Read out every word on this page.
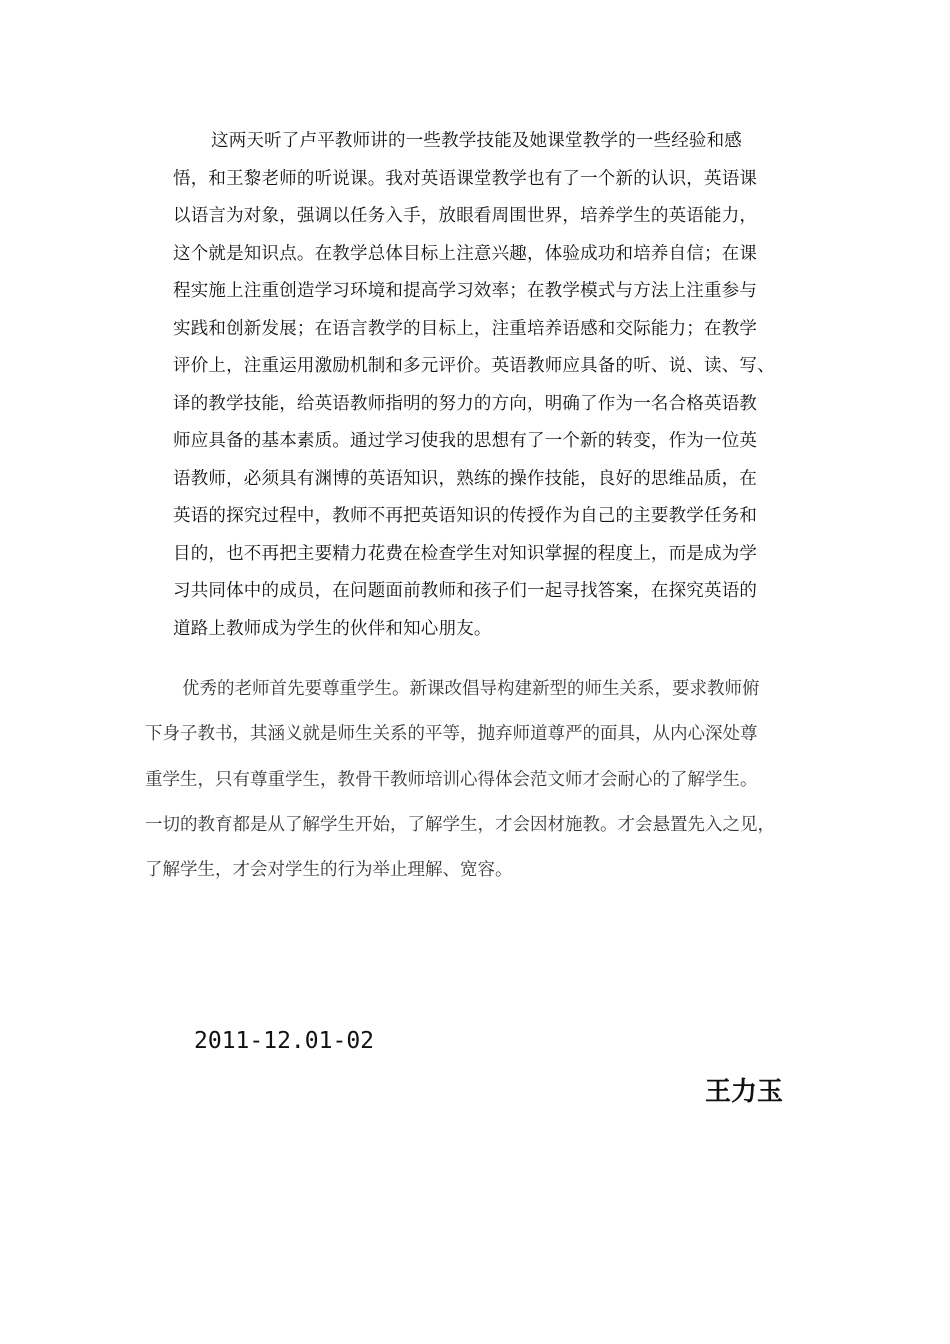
这两天听了卢平教师讲的一些教学技能及她课堂教学的一些经验和感
悟，和王黎老师的听说课。我对英语课堂教学也有了一个新的认识，英语课
以语言为对象，强调以任务入手，放眼看周围世界，培养学生的英语能力，
这个就是知识点。在教学总体目标上注意兴趣，体验成功和培养自信；在课
程实施上注重创造学习环境和提高学习效率；在教学模式与方法上注重参与
实践和创新发展；在语言教学的目标上，注重培养语感和交际能力；在教学
评价上，注重运用激励机制和多元评价。英语教师应具备的听、说、读、写、
译的教学技能，给英语教师指明的努力的方向，明确了作为一名合格英语教
师应具备的基本素质。通过学习使我的思想有了一个新的转变，作为一位英
语教师，必须具有渊博的英语知识，熟练的操作技能，良好的思维品质，在
英语的探究过程中，教师不再把英语知识的传授作为自己的主要教学任务和
目的，也不再把主要精力花费在检查学生对知识掌握的程度上，而是成为学
习共同体中的成员，在问题面前教师和孩子们一起寻找答案，在探究英语的
道路上教师成为学生的伙伴和知心朋友。
优秀的老师首先要尊重学生。新课改倡导构建新型的师生关系，要求教师俯
下身子教书，其涵义就是师生关系的平等，抛弃师道尊严的面具，从内心深处尊
重学生，只有尊重学生，教骨干教师培训心得体会范文师才会耐心的了解学生。
一切的教育都是从了解学生开始，了解学生，才会因材施教。才会悬置先入之见，
了解学生，才会对学生的行为举止理解、宽容。
2011-12.01-02
王力玉
